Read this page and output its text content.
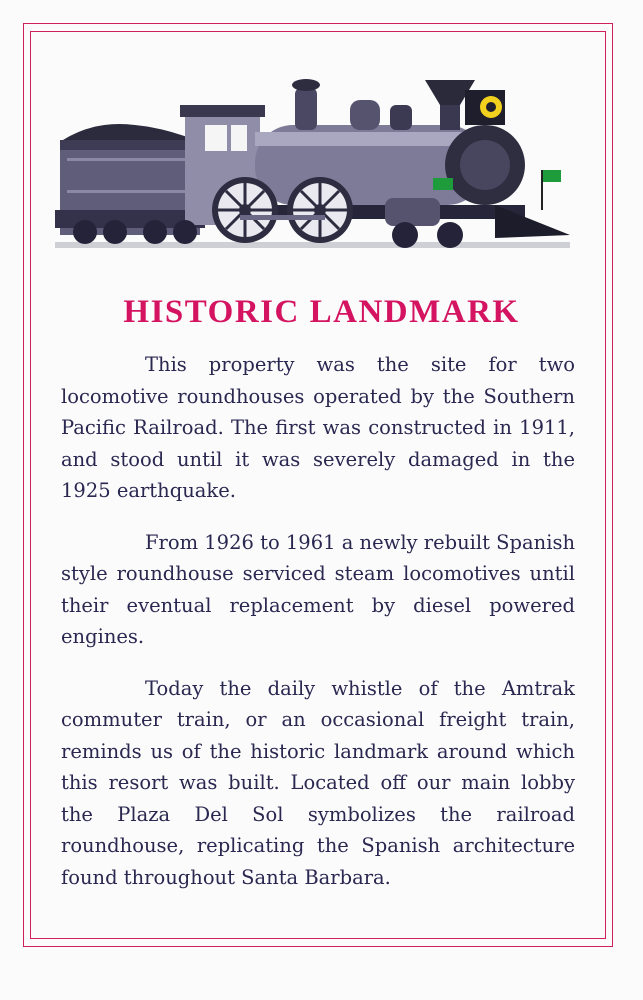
HISTORIC LANDMARK

This property was the site for two locomotive roundhouses operated by the Southern Pacific Railroad. The first was constructed in 1911, and stood until it was severely damaged in the 1925 earthquake.

From 1926 to 1961 a newly rebuilt Spanish style roundhouse serviced steam locomotives until their eventual replacement by diesel powered engines.

Today the daily whistle of the Amtrak commuter train, or an occasional freight train, reminds us of the historic landmark around which this resort was built. Located off our main lobby the Plaza Del Sol symbolizes the railroad roundhouse, replicating the Spanish architecture found throughout Santa Barbara.
